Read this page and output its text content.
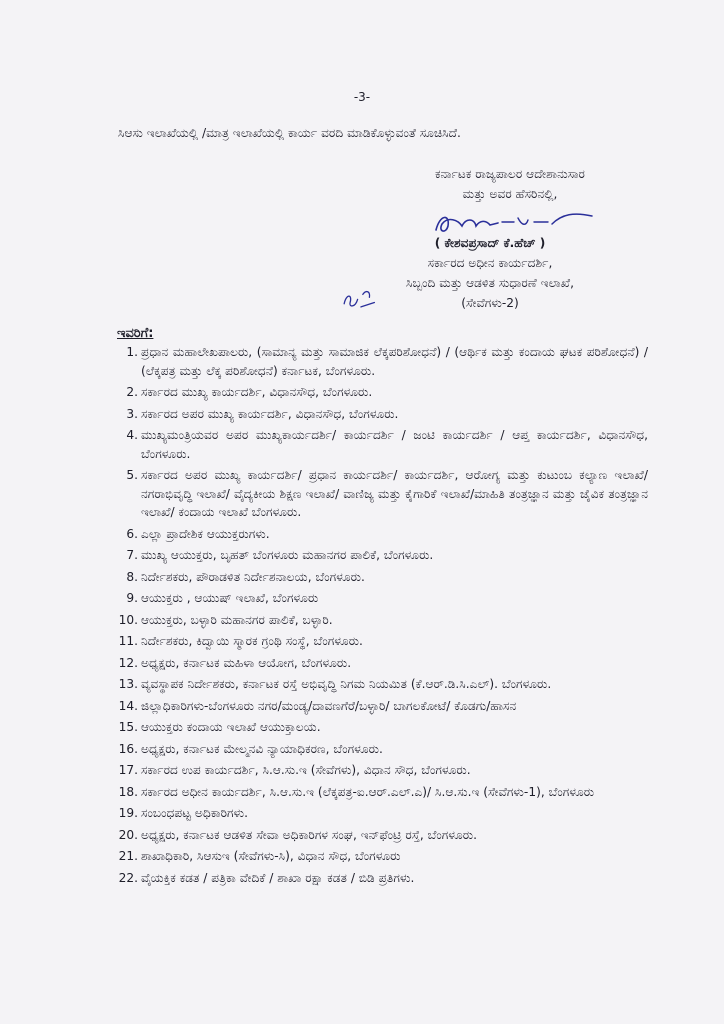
-3-
ಸಿಆಸು ಇಲಾಖೆಯಲ್ಲಿ /ಮಾತ್ರ ಇಲಾಖೆಯಲ್ಲಿ ಕಾರ್ಯ ವರದಿ ಮಾಡಿಕೊಳ್ಳುವಂತೆ ಸೂಚಿಸಿದೆ.
ಕರ್ನಾಟಕ ರಾಜ್ಯಪಾಲರ ಆದೇಶಾನುಸಾರ
ಮತ್ತು ಅವರ ಹೆಸರಿನಲ್ಲಿ,
( ಕೇಶವಪ್ರಸಾದ್ ಕೆ.ಹೆಚ್ )
ಸರ್ಕಾರದ ಅಧೀನ ಕಾರ್ಯದರ್ಶಿ,
ಸಿಬ್ಬಂದಿ ಮತ್ತು ಆಡಳಿತ ಸುಧಾರಣೆ ಇಲಾಖೆ,
(ಸೇವೆಗಳು-2)
ಇವರಿಗೆ:
1. ಪ್ರಧಾನ ಮಹಾಲೇಖಪಾಲರು, (ಸಾಮಾನ್ಯ ಮತ್ತು ಸಾಮಾಜಿಕ ಲೆಕ್ಕಪರಿಶೋಧನೆ) / (ಆರ್ಥಿಕ ಮತ್ತು ಕಂದಾಯ ಘಟಕ ಪರಿಶೋಧನೆ) / (ಲೆಕ್ಕಪತ್ರ ಮತ್ತು ಲೆಕ್ಕ ಪರಿಶೋಧನೆ) ಕರ್ನಾಟಕ, ಬೆಂಗಳೂರು.
2. ಸರ್ಕಾರದ ಮುಖ್ಯ ಕಾರ್ಯದರ್ಶಿ, ವಿಧಾನಸೌಧ, ಬೆಂಗಳೂರು.
3. ಸರ್ಕಾರದ ಅಪರ ಮುಖ್ಯ ಕಾರ್ಯದರ್ಶಿ, ವಿಧಾನಸೌಧ, ಬೆಂಗಳೂರು.
4. ಮುಖ್ಯಮಂತ್ರಿಯವರ ಅಪರ ಮುಖ್ಯಕಾರ್ಯದರ್ಶಿ/ ಕಾರ್ಯದರ್ಶಿ / ಜಂಟಿ ಕಾರ್ಯದರ್ಶಿ / ಆಪ್ತ ಕಾರ್ಯದರ್ಶಿ, ವಿಧಾನಸೌಧ, ಬೆಂಗಳೂರು.
5. ಸರ್ಕಾರದ ಅಪರ ಮುಖ್ಯ ಕಾರ್ಯದರ್ಶಿ/ ಪ್ರಧಾನ ಕಾರ್ಯದರ್ಶಿ/ ಕಾರ್ಯದರ್ಶಿ, ಆರೋಗ್ಯ ಮತ್ತು ಕುಟುಂಬ ಕಲ್ಯಾಣ ಇಲಾಖೆ/ನಗರಾಭಿವೃದ್ಧಿ ಇಲಾಖೆ/ ವೈದ್ಯಕೀಯ ಶಿಕ್ಷಣ ಇಲಾಖೆ/ ವಾಣಿಜ್ಯ ಮತ್ತು ಕೈಗಾರಿಕೆ ಇಲಾಖೆ/ಮಾಹಿತಿ ತಂತ್ರಜ್ಞಾನ ಮತ್ತು ಜೈವಿಕ ತಂತ್ರಜ್ಞಾನ ಇಲಾಖೆ/ ಕಂದಾಯ ಇಲಾಖೆ ಬೆಂಗಳೂರು.
6. ಎಲ್ಲಾ ಪ್ರಾದೇಶಿಕ ಆಯುಕ್ತರುಗಳು.
7. ಮುಖ್ಯ ಆಯುಕ್ತರು, ಬೃಹತ್ ಬೆಂಗಳೂರು ಮಹಾನಗರ ಪಾಲಿಕೆ, ಬೆಂಗಳೂರು.
8. ನಿರ್ದೇಶಕರು, ಪೌರಾಡಳಿತ ನಿರ್ದೇಶನಾಲಯ, ಬೆಂಗಳೂರು.
9. ಆಯುಕ್ತರು , ಆಯುಷ್ ಇಲಾಖೆ, ಬೆಂಗಳೂರು
10. ಆಯುಕ್ತರು, ಬಳ್ಳಾರಿ ಮಹಾನಗರ ಪಾಲಿಕೆ, ಬಳ್ಳಾರಿ.
11. ನಿರ್ದೇಶಕರು, ಕಿದ್ವಾಯಿ ಸ್ಮಾರಕ ಗ್ರಂಥಿ ಸಂಸ್ಥೆ, ಬೆಂಗಳೂರು.
12. ಅಧ್ಯಕ್ಷರು, ಕರ್ನಾಟಕ ಮಹಿಳಾ ಆಯೋಗ, ಬೆಂಗಳೂರು.
13. ವ್ಯವಸ್ಥಾಪಕ ನಿರ್ದೇಶಕರು, ಕರ್ನಾಟಕ ರಸ್ತೆ ಅಭಿವೃದ್ಧಿ ನಿಗಮ ನಿಯಮಿತ (ಕೆ.ಆರ್.ಡಿ.ಸಿ.ಎಲ್). ಬೆಂಗಳೂರು.
14. ಜಿಲ್ಲಾಧಿಕಾರಿಗಳು-ಬೆಂಗಳೂರು ನಗರ/ಮಂಡ್ಯ/ದಾವಣಗೆರೆ/ಬಳ್ಳಾರಿ/ ಬಾಗಲಕೋಟೆ/ ಕೊಡಗು/ಹಾಸನ
15. ಆಯುಕ್ತರು ಕಂದಾಯ ಇಲಾಖೆ ಆಯುಕ್ತಾಲಯ.
16. ಅಧ್ಯಕ್ಷರು, ಕರ್ನಾಟಕ ಮೇಲ್ಮನವಿ ನ್ಯಾಯಾಧಿಕರಣ, ಬೆಂಗಳೂರು.
17. ಸರ್ಕಾರದ ಉಪ ಕಾರ್ಯದರ್ಶಿ, ಸಿ.ಆ.ಸು.ಇ (ಸೇವೆಗಳು), ವಿಧಾನ ಸೌಧ, ಬೆಂಗಳೂರು.
18. ಸರ್ಕಾರದ ಅಧೀನ ಕಾರ್ಯದರ್ಶಿ, ಸಿ.ಆ.ಸು.ಇ (ಲೆಕ್ಕಪತ್ರ-ಐ.ಆರ್.ಎಲ್.ಎ)/ ಸಿ.ಆ.ಸು.ಇ (ಸೇವೆಗಳು-1), ಬೆಂಗಳೂರು
19. ಸಂಬಂಧಪಟ್ಟ ಅಧಿಕಾರಿಗಳು.
20. ಅಧ್ಯಕ್ಷರು, ಕರ್ನಾಟಕ ಆಡಳಿತ ಸೇವಾ ಅಧಿಕಾರಿಗಳ ಸಂಘ, ಇನ್‌ಫೆಂಟ್ರಿ ರಸ್ತೆ, ಬೆಂಗಳೂರು.
21. ಶಾಖಾಧಿಕಾರಿ, ಸಿಆಸುಇ (ಸೇವೆಗಳು-ಸಿ), ವಿಧಾನ ಸೌಧ, ಬೆಂಗಳೂರು
22. ವೈಯಕ್ತಿಕ ಕಡತ / ಪತ್ರಿಕಾ ವೇದಿಕೆ / ಶಾಖಾ ರಕ್ಷಾ ಕಡತ / ಬಿಡಿ ಪ್ರತಿಗಳು.
